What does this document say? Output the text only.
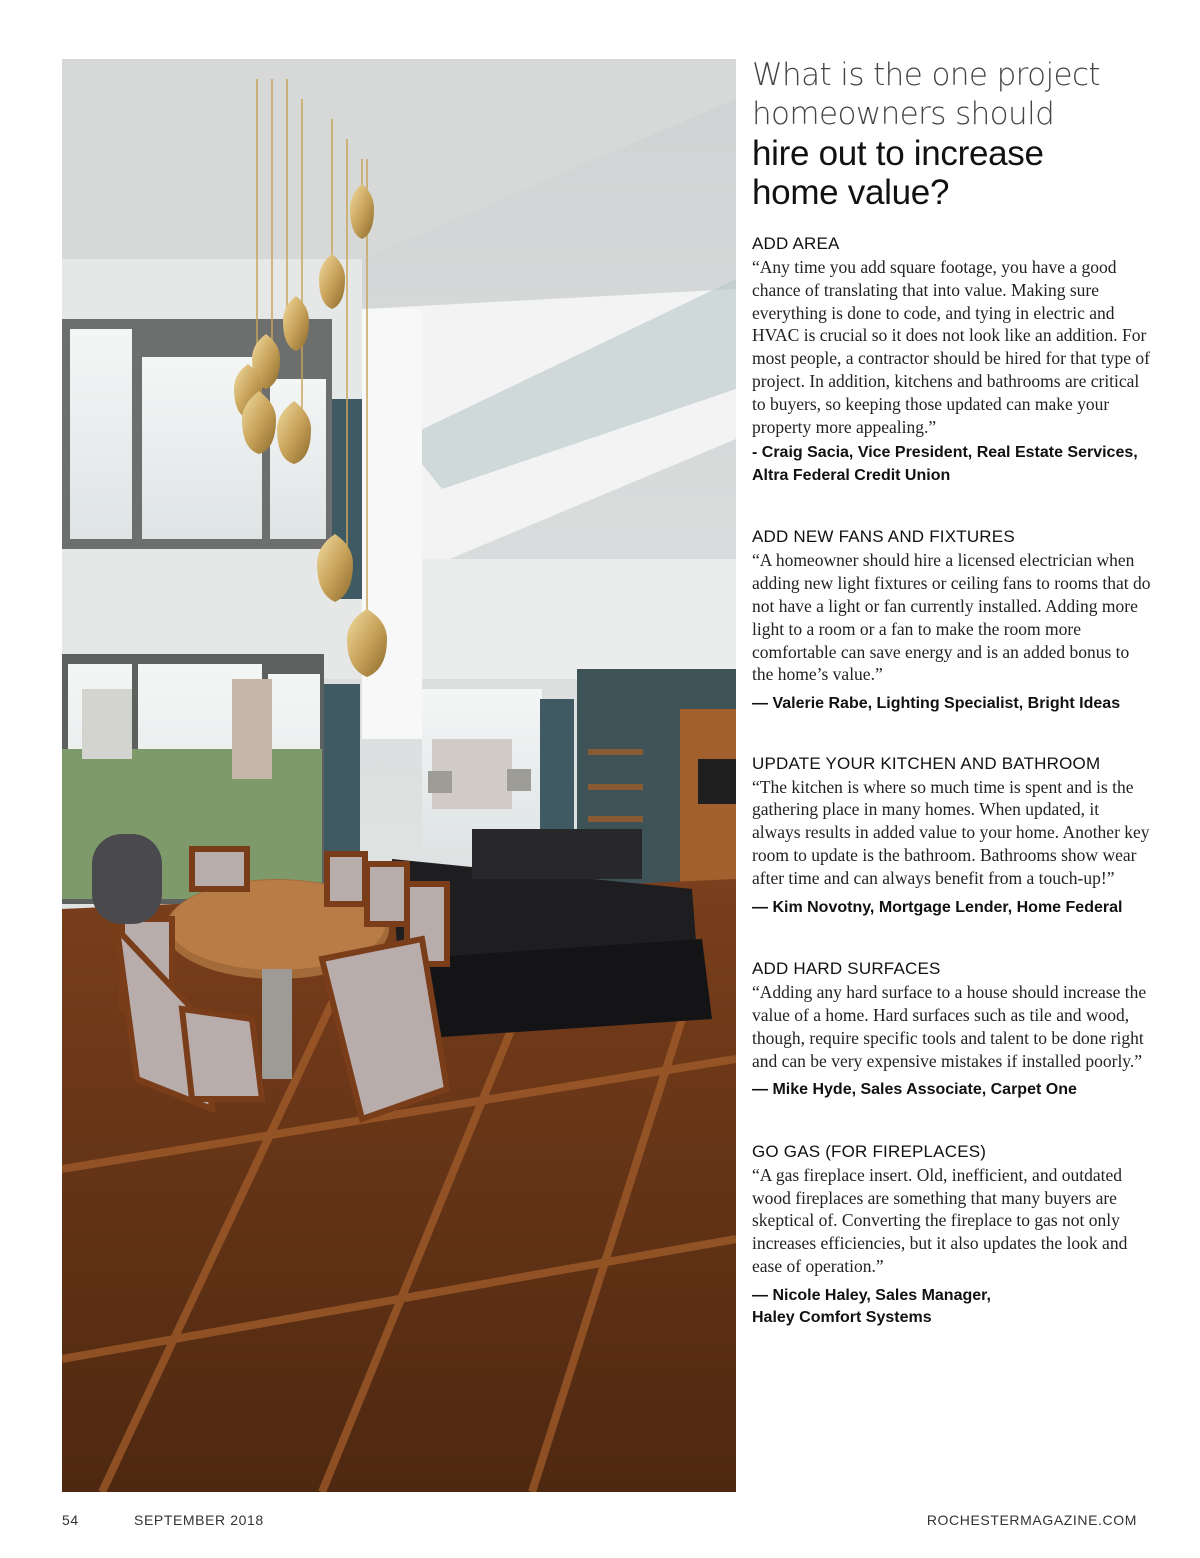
What is the one project
homeowners should
hire out to increase
home value?
ADD AREA

“Any time you add square footage, you have a good chance of translating that into value. Making sure everything is done to code, and tying in electric and HVAC is crucial so it does not look like an addition. For most people, a contractor should be hired for that type of project. In addition, kitchens and bathrooms are critical to buyers, so keeping those updated can make your property more appealing.”

- Craig Sacia, Vice President, Real Estate Services, Altra Federal Credit Union

ADD NEW FANS AND FIXTURES

“A homeowner should hire a licensed electrician when adding new light fixtures or ceiling fans to rooms that do not have a light or fan currently installed. Adding more light to a room or a fan to make the room more comfortable can save energy and is an added bonus to the home’s value.”

— Valerie Rabe, Lighting Specialist, Bright Ideas

UPDATE YOUR KITCHEN AND BATHROOM

“The kitchen is where so much time is spent and is the gathering place in many homes. When updated, it always results in added value to your home. Another key room to update is the bathroom. Bathrooms show wear after time and can always benefit from a touch-up!”

— Kim Novotny, Mortgage Lender, Home Federal

ADD HARD SURFACES

“Adding any hard surface to a house should increase the value of a home. Hard surfaces such as tile and wood, though, require specific tools and talent to be done right and can be very expensive mistakes if installed poorly.”

— Mike Hyde, Sales Associate, Carpet One

GO GAS (FOR FIREPLACES)

“A gas fireplace insert. Old, inefficient, and outdated wood fireplaces are something that many buyers are skeptical of. Converting the fireplace to gas not only increases efficiencies, but it also updates the look and ease of operation.”

— Nicole Haley, Sales Manager, Haley Comfort Systems

54	SEPTEMBER 2018	ROCHESTERMAGAZINE.COM
